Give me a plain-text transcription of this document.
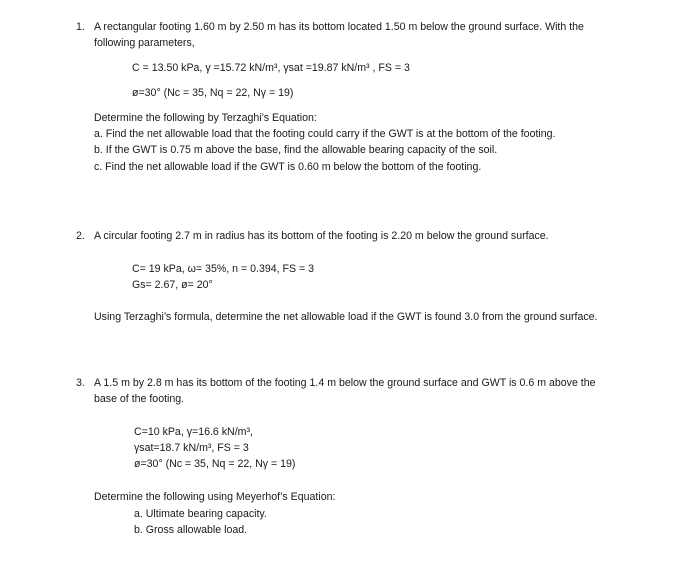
1. A rectangular footing 1.60 m by 2.50 m has its bottom located 1.50 m below the ground surface. With the
following parameters,
C = 13.50 kPa, γ =15.72 kN/m³, γsat =19.87 kN/m³ , FS = 3
ø=30° (Nc = 35, Nq = 22, Nγ = 19)
Determine the following by Terzaghi’s Equation:
a. Find the net allowable load that the footing could carry if the GWT is at the bottom of the footing.
b. If the GWT is 0.75 m above the base, find the allowable bearing capacity of the soil.
c. Find the net allowable load if the GWT is 0.60 m below the bottom of the footing.
2. A circular footing 2.7 m in radius has its bottom of the footing is 2.20 m below the ground surface.
C= 19 kPa, ω= 35%, n = 0.394, FS = 3
Gs= 2.67, ø= 20°
Using Terzaghi’s formula, determine the net allowable load if the GWT is found 3.0 from the ground surface.
3. A 1.5 m by 2.8 m has its bottom of the footing 1.4 m below the ground surface and GWT is 0.6 m above the
base of the footing.
C=10 kPa, γ=16.6 kN/m³,
γsat=18.7 kN/m³, FS = 3
ø=30° (Nc = 35, Nq = 22, Nγ = 19)
Determine the following using Meyerhof’s Equation:
a. Ultimate bearing capacity.
b. Gross allowable load.
